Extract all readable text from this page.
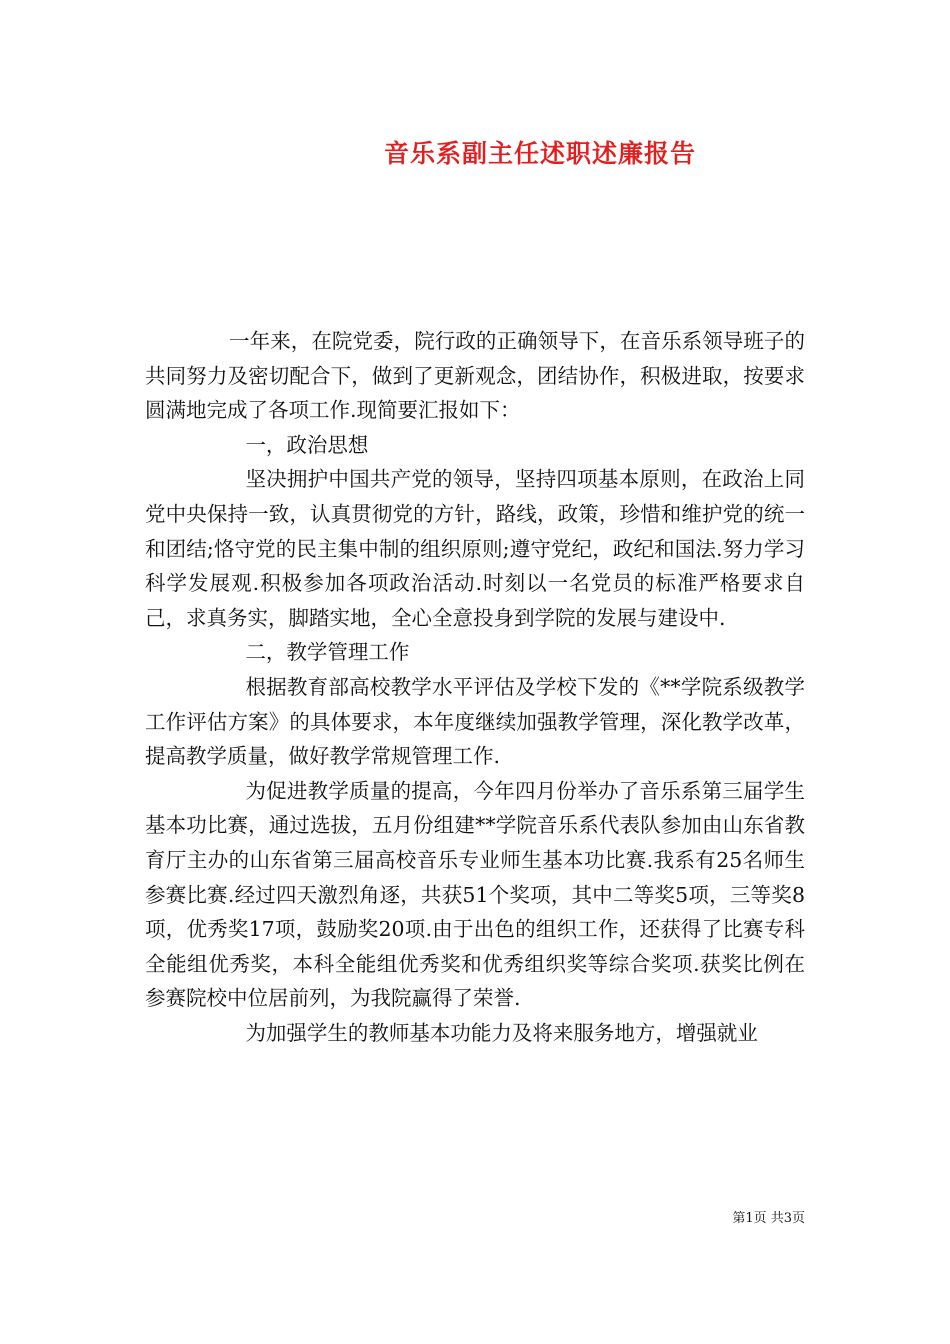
音乐系副主任述职述廉报告

一年来，在院党委，院行政的正确领导下，在音乐系领导班子的共同努力及密切配合下，做到了更新观念，团结协作，积极进取，按要求圆满地完成了各项工作.现简要汇报如下：

一，政治思想

坚决拥护中国共产党的领导，坚持四项基本原则，在政治上同党中央保持一致，认真贯彻党的方针，路线，政策，珍惜和维护党的统一和团结;恪守党的民主集中制的组织原则;遵守党纪，政纪和国法.努力学习科学发展观.积极参加各项政治活动.时刻以一名党员的标准严格要求自己，求真务实，脚踏实地，全心全意投身到学院的发展与建设中.

二，教学管理工作

根据教育部高校教学水平评估及学校下发的《**学院系级教学工作评估方案》的具体要求，本年度继续加强教学管理，深化教学改革，提高教学质量，做好教学常规管理工作.

为促进教学质量的提高，今年四月份举办了音乐系第三届学生基本功比赛，通过选拔，五月份组建**学院音乐系代表队参加由山东省教育厅主办的山东省第三届高校音乐专业师生基本功比赛.我系有25名师生参赛比赛.经过四天激烈角逐，共获51个奖项，其中二等奖5项，三等奖8项，优秀奖17项，鼓励奖20项.由于出色的组织工作，还获得了比赛专科全能组优秀奖，本科全能组优秀奖和优秀组织奖等综合奖项.获奖比例在参赛院校中位居前列，为我院赢得了荣誉.

为加强学生的教师基本功能力及将来服务地方，增强就业

第1页 共3页
